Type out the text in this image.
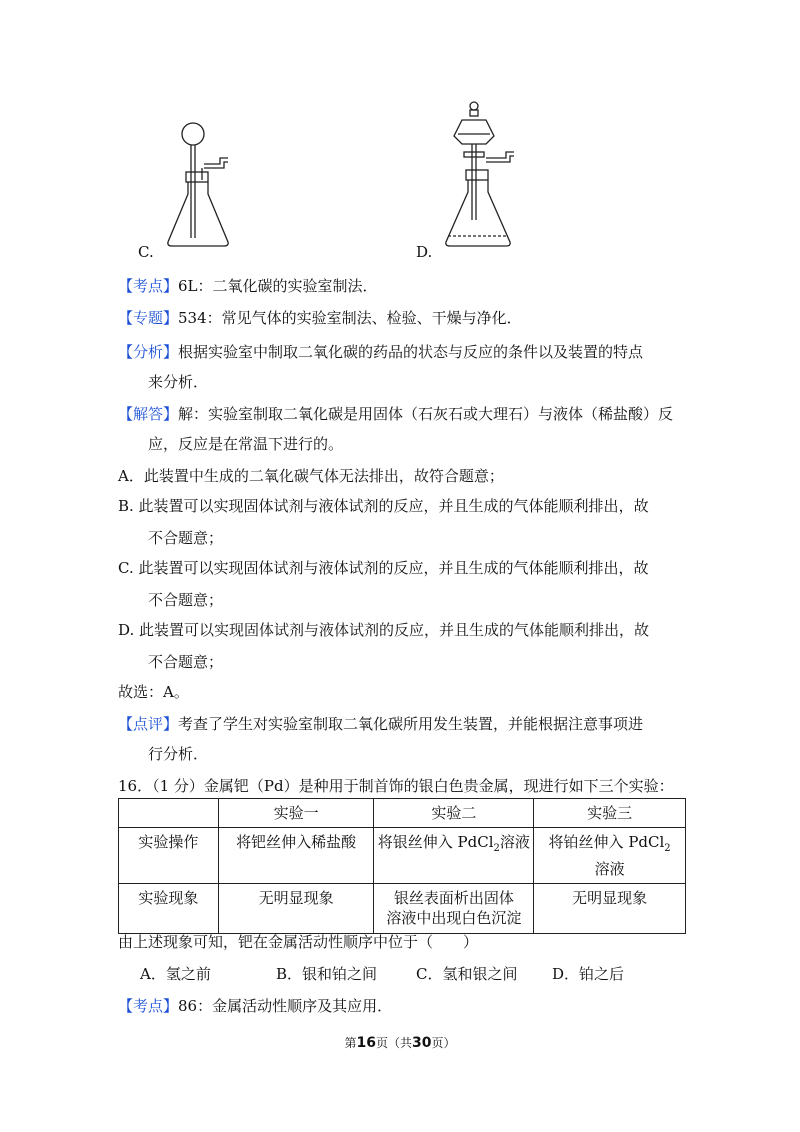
C.	D.
【考点】6L：二氧化碳的实验室制法．
【专题】534：常见气体的实验室制法、检验、干燥与净化．
【分析】根据实验室中制取二氧化碳的药品的状态与反应的条件以及装置的特点
来分析．
【解答】解：实验室制取二氧化碳是用固体（石灰石或大理石）与液体（稀盐酸）反
应，反应是在常温下进行的。
A．此装置中生成的二氧化碳气体无法排出，故符合题意；
B. 此装置可以实现固体试剂与液体试剂的反应，并且生成的气体能顺利排出，故
不合题意；
C. 此装置可以实现固体试剂与液体试剂的反应，并且生成的气体能顺利排出，故
不合题意；
D. 此装置可以实现固体试剂与液体试剂的反应，并且生成的气体能顺利排出，故
不合题意；
故选：A。
【点评】考查了学生对实验室制取二氧化碳所用发生装置，并能根据注意事项进
行分析．
16．（1 分）金属钯（Pd）是种用于制首饰的银白色贵金属，现进行如下三个实验：
	实验一	实验二	实验三
实验操作	将钯丝伸入稀盐酸	将银丝伸入 PdCl$_2$溶液	将铂丝伸入 PdCl$_2$
溶液
实验现象	无明显现象	银丝表面析出固体
溶液中出现白色沉淀	无明显现象
由上述现象可知，钯在金属活动性顺序中位于（　　）
A．氢之前	B．银和铂之间	C．氢和银之间 D．铂之后
【考点】86：金属活动性顺序及其应用．
第16页（共30页）
